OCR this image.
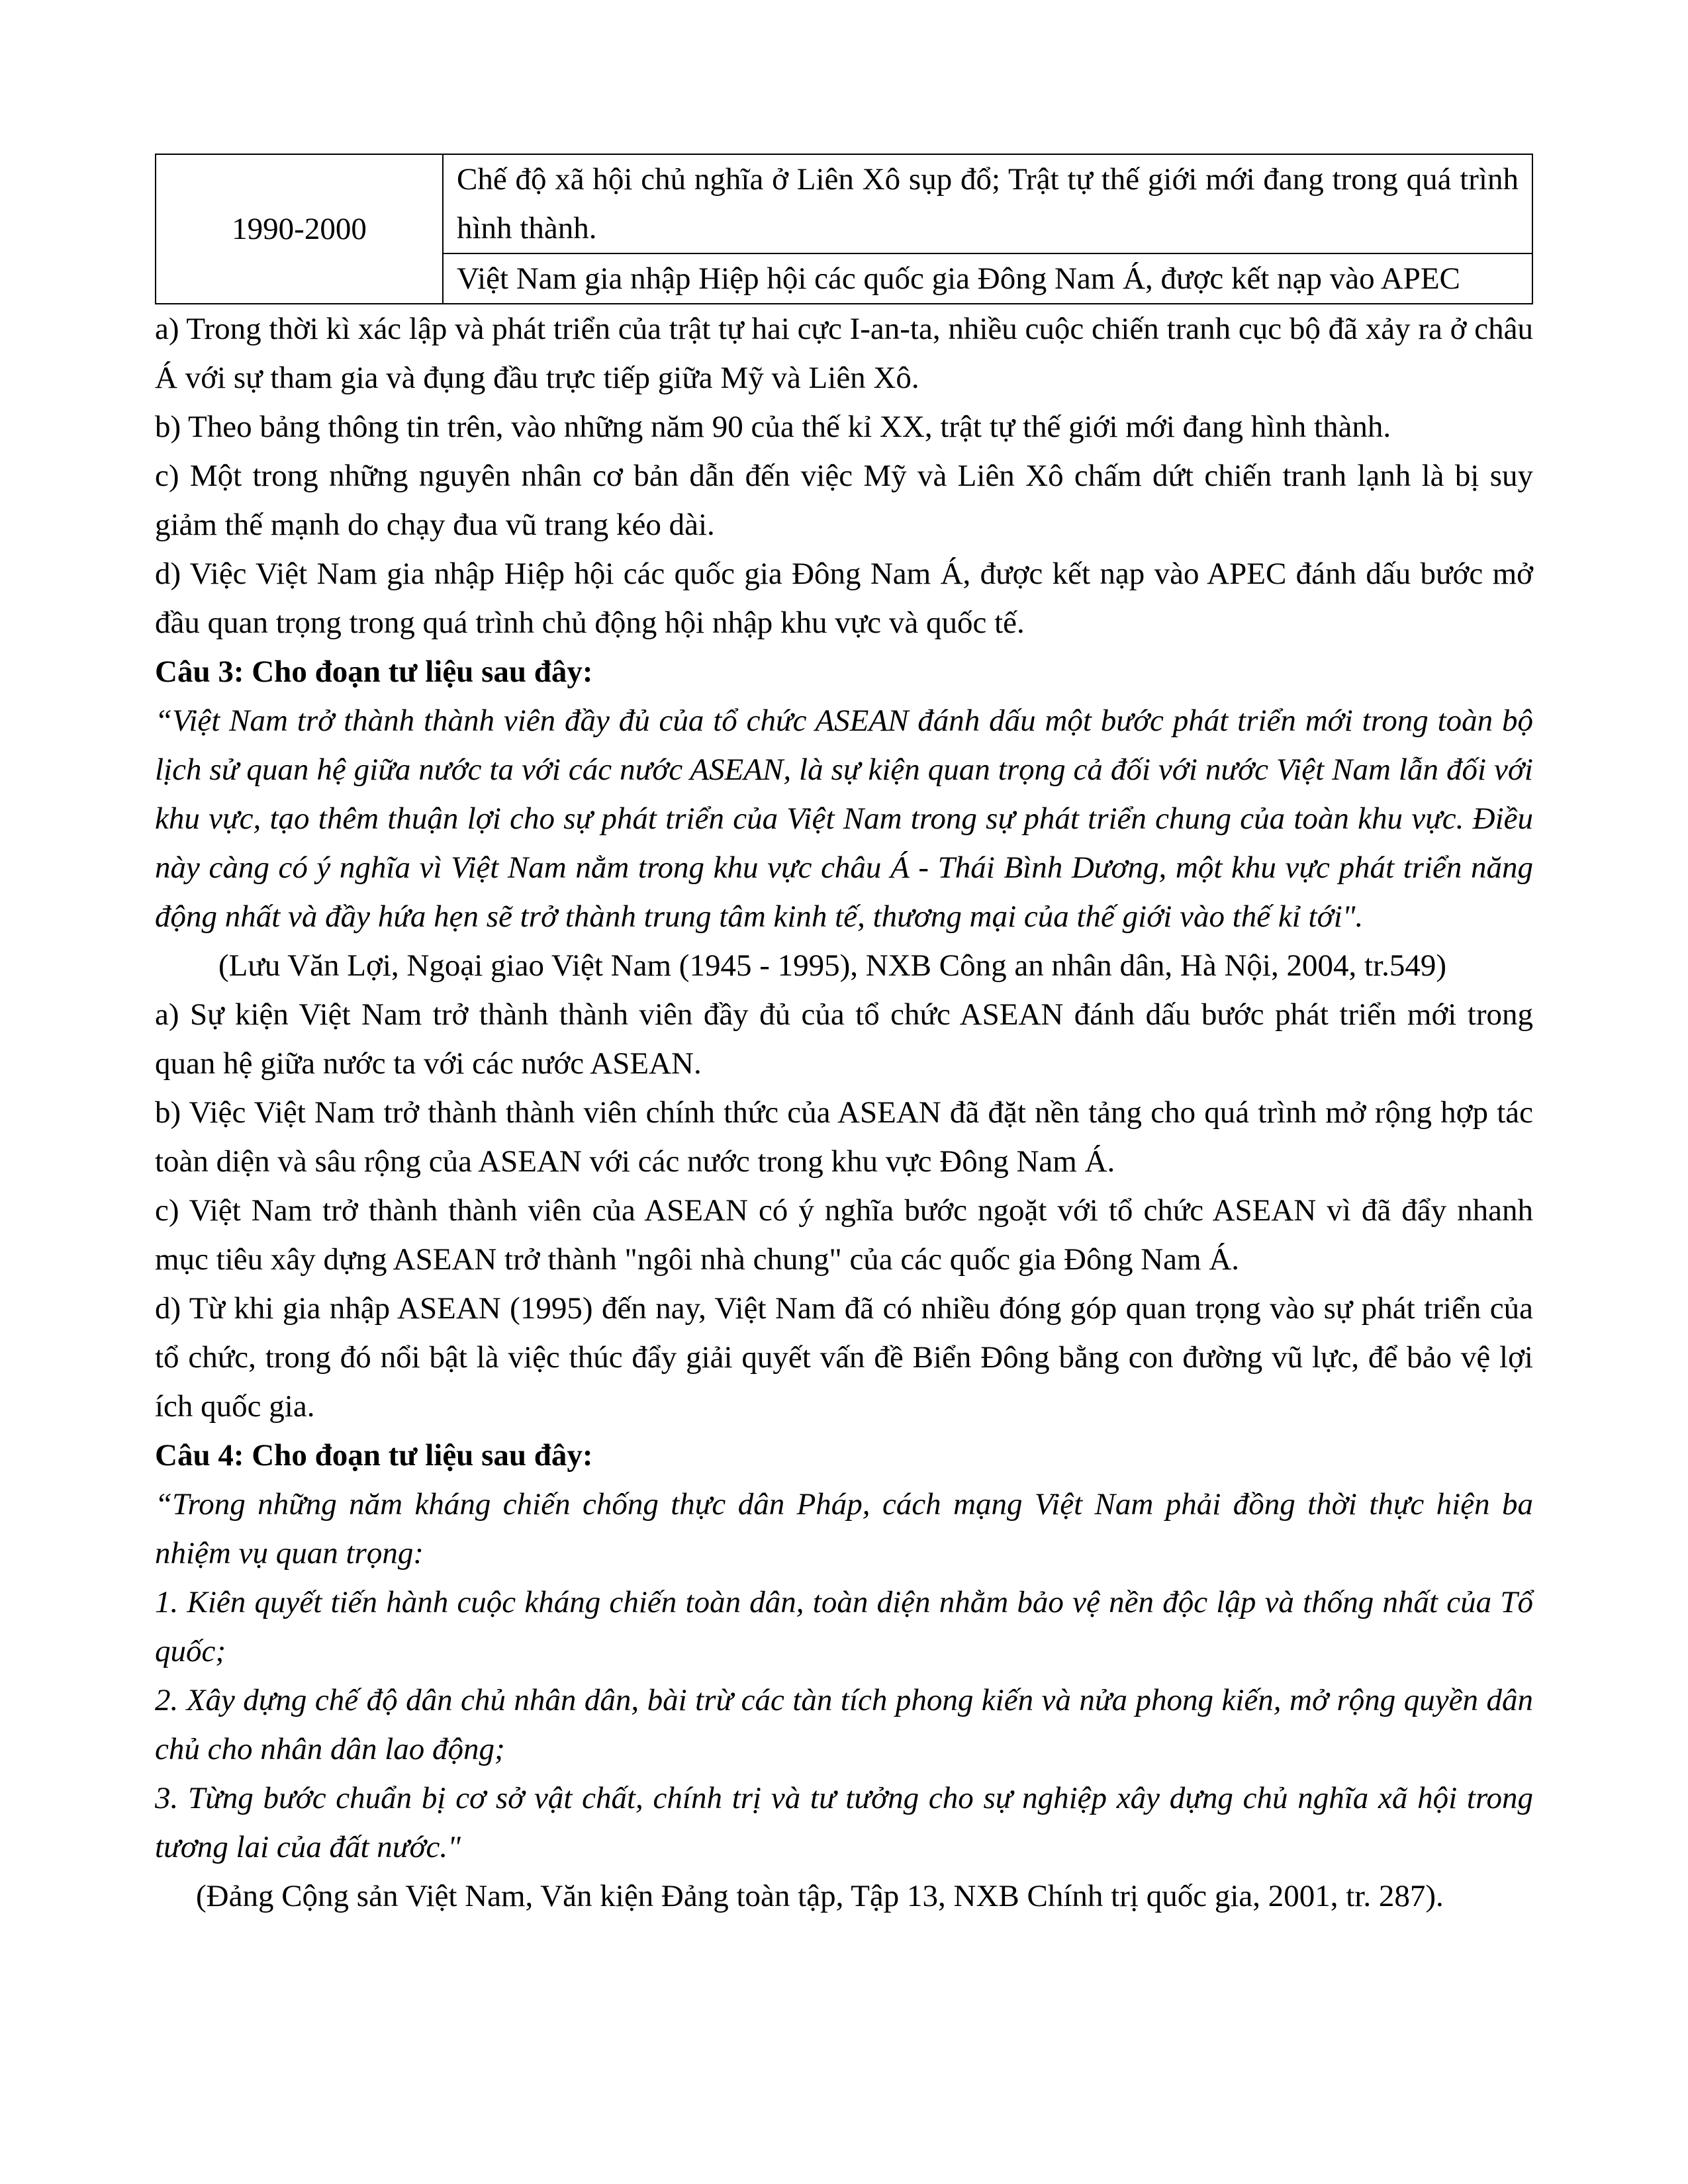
1990-2000	Chế độ xã hội chủ nghĩa ở Liên Xô sụp đổ; Trật tự thế giới mới đang trong quá trình hình thành.
Việt Nam gia nhập Hiệp hội các quốc gia Đông Nam Á, được kết nạp vào APEC

a) Trong thời kì xác lập và phát triển của trật tự hai cực I-an-ta, nhiều cuộc chiến tranh cục bộ đã xảy ra ở châu Á với sự tham gia và đụng đầu trực tiếp giữa Mỹ và Liên Xô.

b) Theo bảng thông tin trên, vào những năm 90 của thế kỉ XX, trật tự thế giới mới đang hình thành.

c) Một trong những nguyên nhân cơ bản dẫn đến việc Mỹ và Liên Xô chấm dứt chiến tranh lạnh là bị suy giảm thế mạnh do chạy đua vũ trang kéo dài.

d) Việc Việt Nam gia nhập Hiệp hội các quốc gia Đông Nam Á, được kết nạp vào APEC đánh dấu bước mở đầu quan trọng trong quá trình chủ động hội nhập khu vực và quốc tế.

Câu 3: Cho đoạn tư liệu sau đây:

“Việt Nam trở thành thành viên đầy đủ của tổ chức ASEAN đánh dấu một bước phát triển mới trong toàn bộ lịch sử quan hệ giữa nước ta với các nước ASEAN, là sự kiện quan trọng cả đối với nước Việt Nam lẫn đối với khu vực, tạo thêm thuận lợi cho sự phát triển của Việt Nam trong sự phát triển chung của toàn khu vực. Điều này càng có ý nghĩa vì Việt Nam nằm trong khu vực châu Á - Thái Bình Dương, một khu vực phát triển năng động nhất và đầy hứa hẹn sẽ trở thành trung tâm kinh tế, thương mại của thế giới vào thế kỉ tới".

(Lưu Văn Lợi, Ngoại giao Việt Nam (1945 - 1995), NXB Công an nhân dân, Hà Nội, 2004, tr.549)

a) Sự kiện Việt Nam trở thành thành viên đầy đủ của tổ chức ASEAN đánh dấu bước phát triển mới trong quan hệ giữa nước ta với các nước ASEAN.

b) Việc Việt Nam trở thành thành viên chính thức của ASEAN đã đặt nền tảng cho quá trình mở rộng hợp tác toàn diện và sâu rộng của ASEAN với các nước trong khu vực Đông Nam Á.

c) Việt Nam trở thành thành viên của ASEAN có ý nghĩa bước ngoặt với tổ chức ASEAN vì đã đẩy nhanh mục tiêu xây dựng ASEAN trở thành "ngôi nhà chung" của các quốc gia Đông Nam Á.

d) Từ khi gia nhập ASEAN (1995) đến nay, Việt Nam đã có nhiều đóng góp quan trọng vào sự phát triển của tổ chức, trong đó nổi bật là việc thúc đẩy giải quyết vấn đề Biển Đông bằng con đường vũ lực, để bảo vệ lợi ích quốc gia.

Câu 4: Cho đoạn tư liệu sau đây:

“Trong những năm kháng chiến chống thực dân Pháp, cách mạng Việt Nam phải đồng thời thực hiện ba nhiệm vụ quan trọng:

1. Kiên quyết tiến hành cuộc kháng chiến toàn dân, toàn diện nhằm bảo vệ nền độc lập và thống nhất của Tổ quốc;

2. Xây dựng chế độ dân chủ nhân dân, bài trừ các tàn tích phong kiến và nửa phong kiến, mở rộng quyền dân chủ cho nhân dân lao động;

3. Từng bước chuẩn bị cơ sở vật chất, chính trị và tư tưởng cho sự nghiệp xây dựng chủ nghĩa xã hội trong tương lai của đất nước."

(Đảng Cộng sản Việt Nam, Văn kiện Đảng toàn tập, Tập 13, NXB Chính trị quốc gia, 2001, tr. 287).
